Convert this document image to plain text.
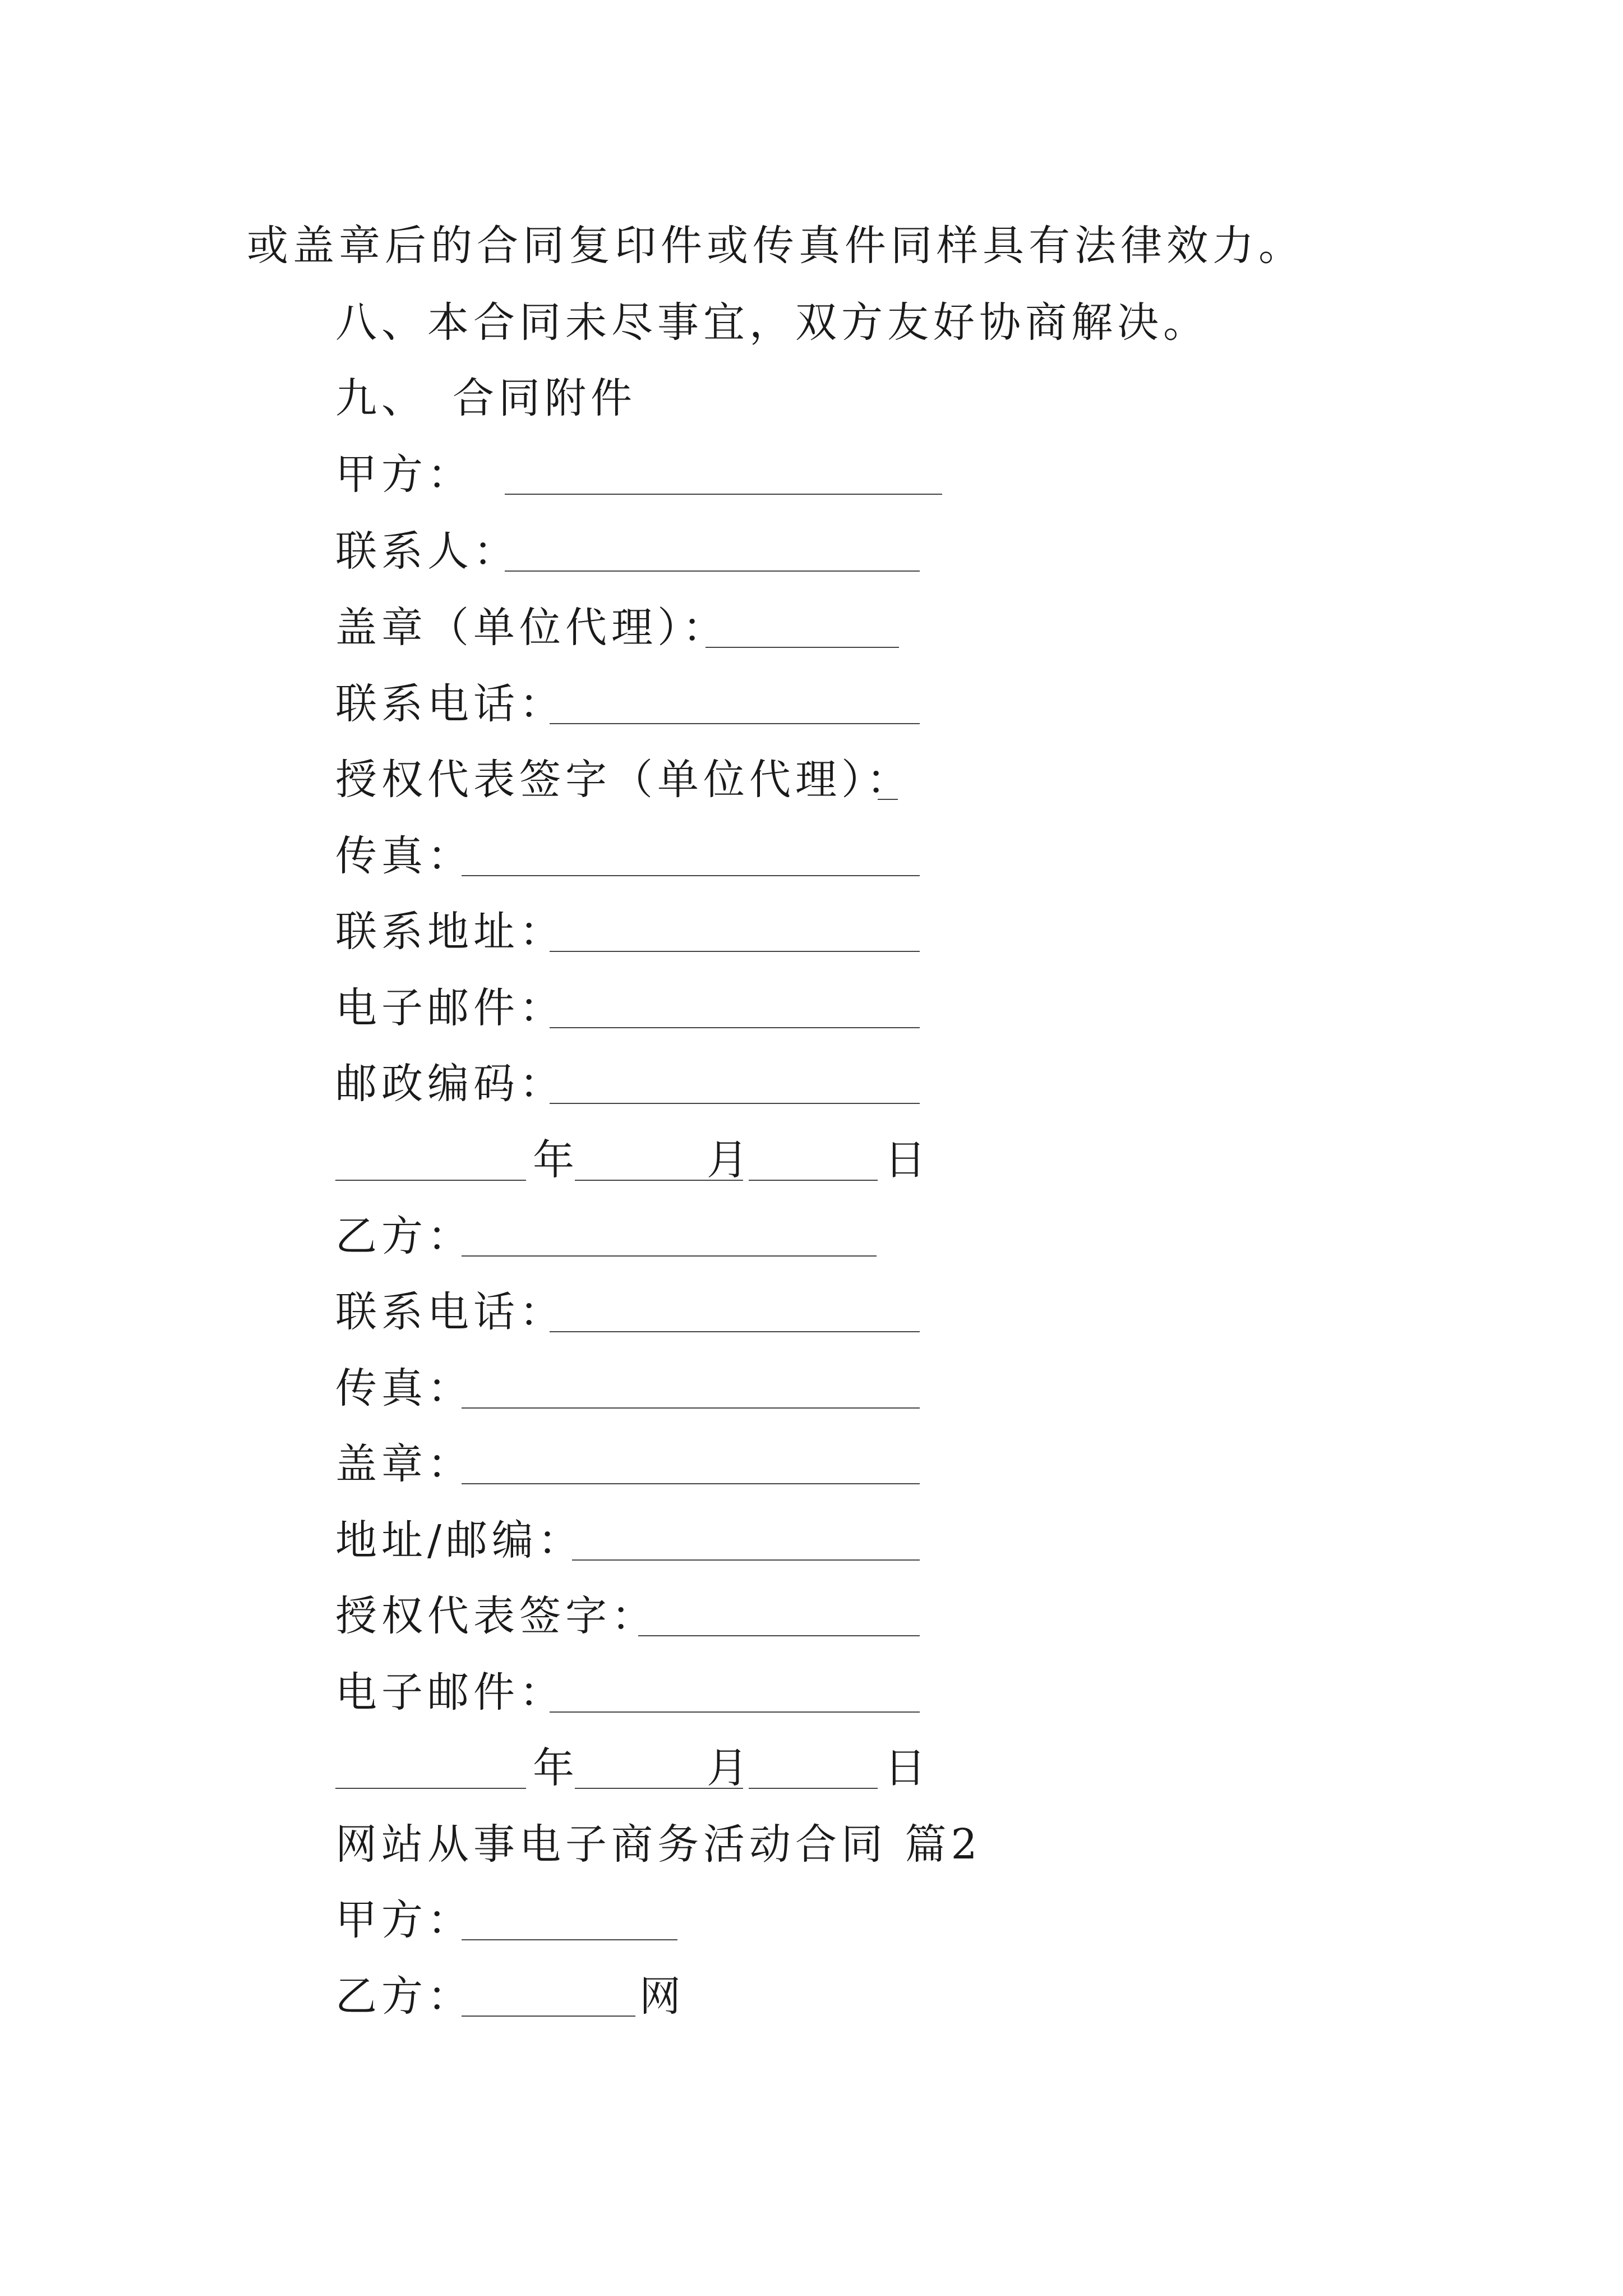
或盖章后的合同复印件或传真件同样具有法律效力。
八、本合同未尽事宜，双方友好协商解决。
九、　合同附件
甲方：
联系人：
盖章（单位代理）：
联系电话：
授权代表签字（单位代理）：
传真：
联系地址：
电子邮件：
邮政编码：
年	月	日
乙方：
联系电话：
传真：
盖章：
地址/邮编：
授权代表签字：
电子邮件：
年	月	日
网站从事电子商务活动合同 篇2
甲方：
乙方：	网
